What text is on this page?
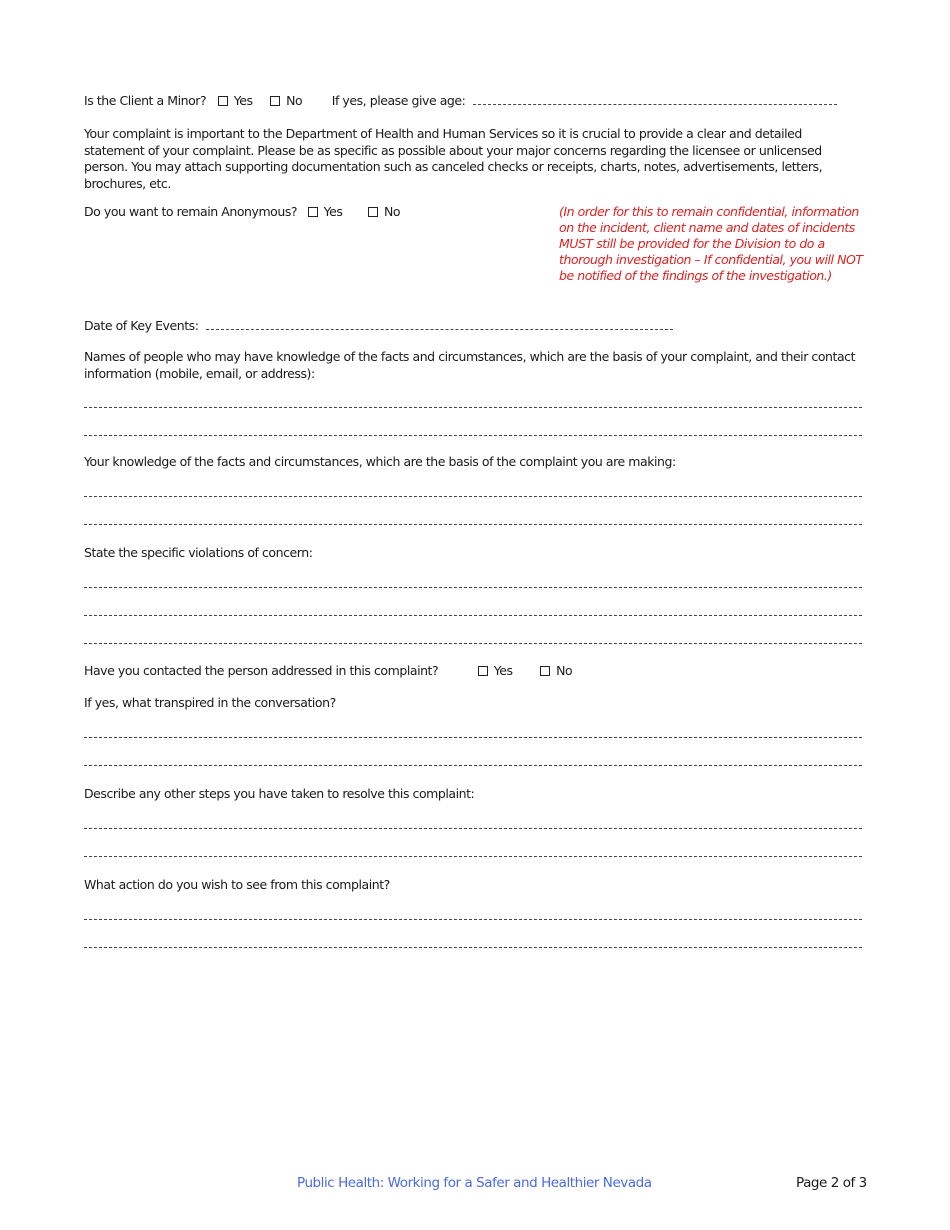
Is the Client a Minor? Yes	No If yes, please give age:
Your complaint is important to the Department of Health and Human Services so it is crucial to provide a clear and detailed statement of your complaint. Please be as specific as possible about your major concerns regarding the licensee or unlicensed person. You may attach supporting documentation such as canceled checks or receipts, charts, notes, advertisements, letters, brochures, etc.
Do you want to remain Anonymous? Yes	No	(In order for this to remain confidential, information on the incident, client name and dates of incidents MUST still be provided for the Division to do a thorough investigation – If confidential, you will NOT be notified of the findings of the investigation.)
Date of Key Events:
Names of people who may have knowledge of the facts and circumstances, which are the basis of your complaint, and their contact information (mobile, email, or address):
Your knowledge of the facts and circumstances, which are the basis of the complaint you are making:
State the specific violations of concern:
Have you contacted the person addressed in this complaint?	Yes	No
If yes, what transpired in the conversation?
Describe any other steps you have taken to resolve this complaint:
What action do you wish to see from this complaint?
Public Health: Working for a Safer and Healthier Nevada	Page 2 of 3
